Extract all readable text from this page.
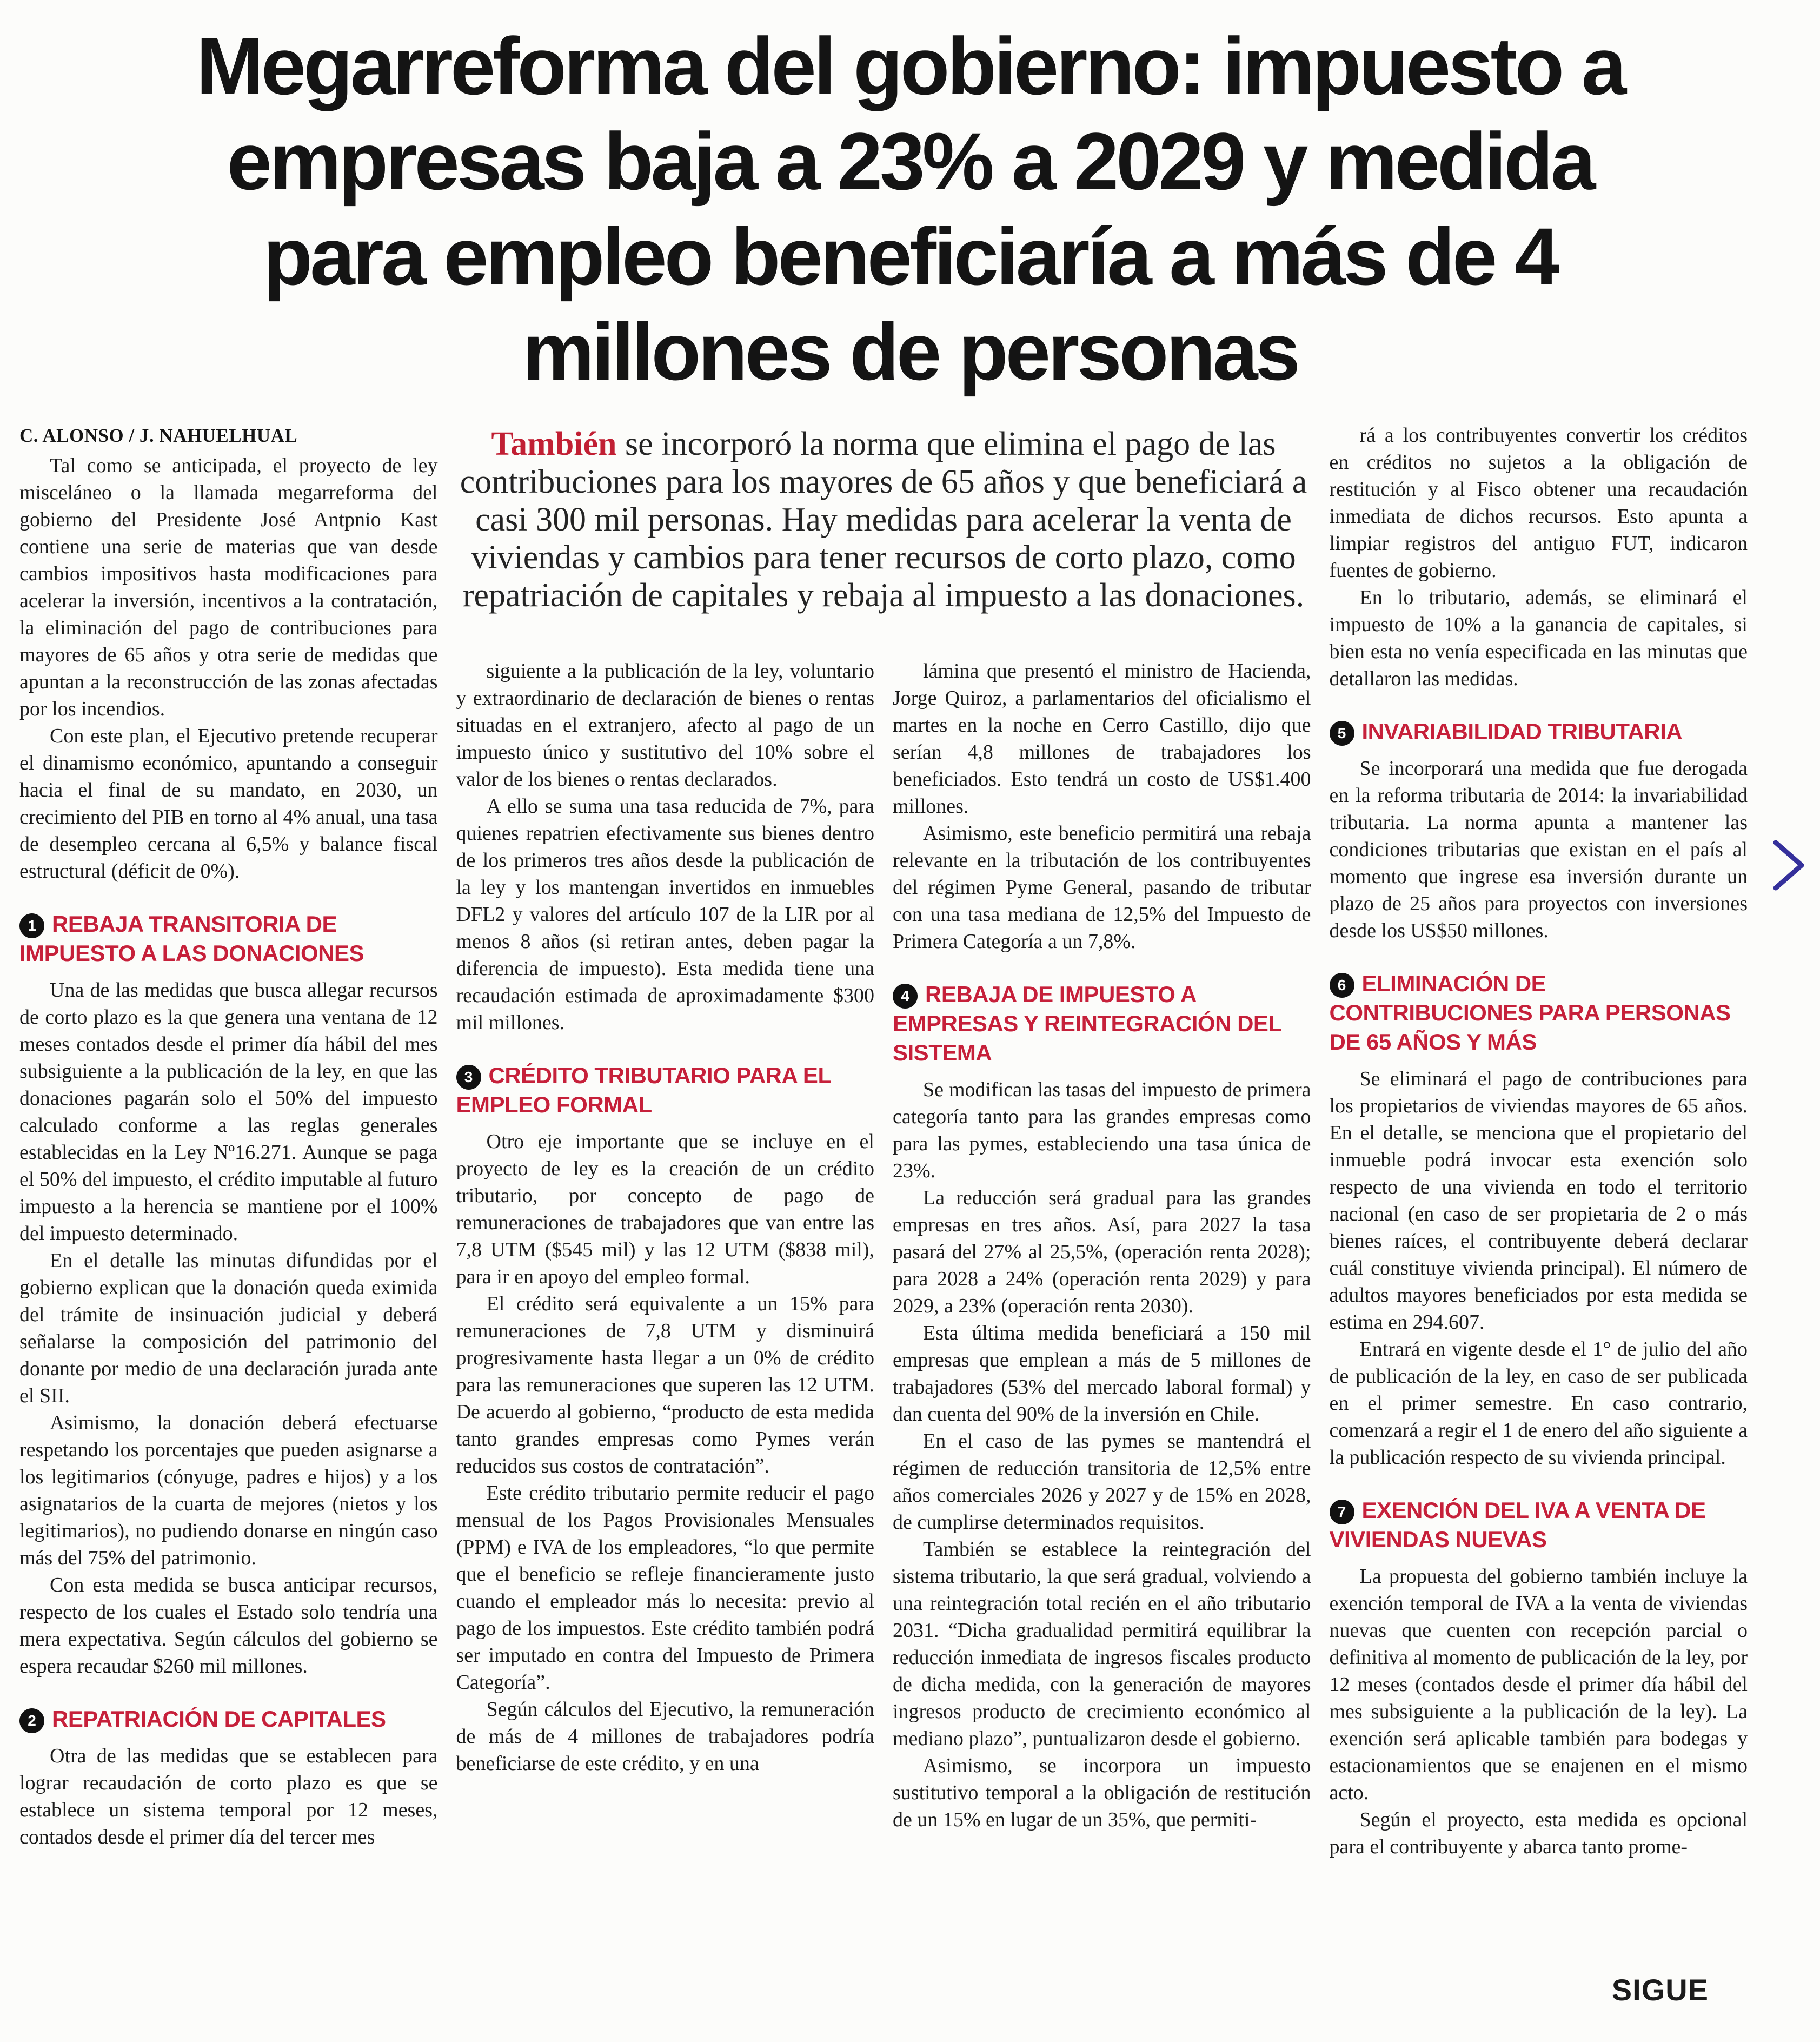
Megarreforma del gobierno: impuesto a
empresas baja a 23% a 2029 y medida
para empleo beneficiaría a más de 4
millones de personas
C. ALONSO / J. NAHUELHUAL

Tal como se anticipada, el proyecto de ley misceláneo o la llamada megarreforma del gobierno del Presidente José Antpnio Kast contiene una serie de materias que van desde cambios impositivos hasta modificaciones para acelerar la inversión, incentivos a la contratación, la eliminación del pago de contribuciones para mayores de 65 años y otra serie de medidas que apuntan a la reconstrucción de las zonas afectadas por los incendios.

Con este plan, el Ejecutivo pretende recuperar el dinamismo económico, apuntando a conseguir hacia el final de su mandato, en 2030, un crecimiento del PIB en torno al 4% anual, una tasa de desempleo cercana al 6,5% y balance fiscal estructural (déficit de 0%).

1 REBAJA TRANSITORIA DE IMPUESTO A LAS DONACIONES

Una de las medidas que busca allegar recursos de corto plazo es la que genera una ventana de 12 meses contados desde el primer día hábil del mes subsiguiente a la publicación de la ley, en que las donaciones pagarán solo el 50% del impuesto calculado conforme a las reglas generales establecidas en la Ley Nº16.271. Aunque se paga el 50% del impuesto, el crédito imputable al futuro impuesto a la herencia se mantiene por el 100% del impuesto determinado.

En el detalle las minutas difundidas por el gobierno explican que la donación queda eximida del trámite de insinuación judicial y deberá señalarse la composición del patrimonio del donante por medio de una declaración jurada ante el SII.

Asimismo, la donación deberá efectuarse respetando los porcentajes que pueden asignarse a los legitimarios (cónyuge, padres e hijos) y a los asignatarios de la cuarta de mejores (nietos y los legitimarios), no pudiendo donarse en ningún caso más del 75% del patrimonio.

Con esta medida se busca anticipar recursos, respecto de los cuales el Estado solo tendría una mera expectativa. Según cálculos del gobierno se espera recaudar $260 mil millones.

2 REPATRIACIÓN DE CAPITALES

Otra de las medidas que se establecen para lograr recaudación de corto plazo es que se establece un sistema temporal por 12 meses, contados desde el primer día del tercer mes

También se incorporó la norma que elimina el pago de las contribuciones para los mayores de 65 años y que beneficiará a casi 300 mil personas. Hay medidas para acelerar la venta de viviendas y cambios para tener recursos de corto plazo, como repatriación de capitales y rebaja al impuesto a las donaciones.

siguiente a la publicación de la ley, voluntario y extraordinario de declaración de bienes o rentas situadas en el extranjero, afecto al pago de un impuesto único y sustitutivo del 10% sobre el valor de los bienes o rentas declarados.

A ello se suma una tasa reducida de 7%, para quienes repatrien efectivamente sus bienes dentro de los primeros tres años desde la publicación de la ley y los mantengan invertidos en inmuebles DFL2 y valores del artículo 107 de la LIR por al menos 8 años (si retiran antes, deben pagar la diferencia de impuesto). Esta medida tiene una recaudación estimada de aproximadamente $300 mil millones.

3 CRÉDITO TRIBUTARIO PARA EL EMPLEO FORMAL

Otro eje importante que se incluye en el proyecto de ley es la creación de un crédito tributario, por concepto de pago de remuneraciones de trabajadores que van entre las 7,8 UTM ($545 mil) y las 12 UTM ($838 mil), para ir en apoyo del empleo formal.

El crédito será equivalente a un 15% para remuneraciones de 7,8 UTM y disminuirá progresivamente hasta llegar a un 0% de crédito para las remuneraciones que superen las 12 UTM. De acuerdo al gobierno, “producto de esta medida tanto grandes empresas como Pymes verán reducidos sus costos de contratación”.

Este crédito tributario permite reducir el pago mensual de los Pagos Provisionales Mensuales (PPM) e IVA de los empleadores, “lo que permite que el beneficio se refleje financieramente justo cuando el empleador más lo necesita: previo al pago de los impuestos. Este crédito también podrá ser imputado en contra del Impuesto de Primera Categoría”.

Según cálculos del Ejecutivo, la remuneración de más de 4 millones de trabajadores podría beneficiarse de este crédito, y en una

lámina que presentó el ministro de Hacienda, Jorge Quiroz, a parlamentarios del oficialismo el martes en la noche en Cerro Castillo, dijo que serían 4,8 millones de trabajadores los beneficiados. Esto tendrá un costo de US$1.400 millones.

Asimismo, este beneficio permitirá una rebaja relevante en la tributación de los contribuyentes del régimen Pyme General, pasando de tributar con una tasa mediana de 12,5% del Impuesto de Primera Categoría a un 7,8%.

4 REBAJA DE IMPUESTO A EMPRESAS Y REINTEGRACIÓN DEL SISTEMA

Se modifican las tasas del impuesto de primera categoría tanto para las grandes empresas como para las pymes, estableciendo una tasa única de 23%.

La reducción será gradual para las grandes empresas en tres años. Así, para 2027 la tasa pasará del 27% al 25,5%, (operación renta 2028); para 2028 a 24% (operación renta 2029) y para 2029, a 23% (operación renta 2030).

Esta última medida beneficiará a 150 mil empresas que emplean a más de 5 millones de trabajadores (53% del mercado laboral formal) y dan cuenta del 90% de la inversión en Chile.

En el caso de las pymes se mantendrá el régimen de reducción transitoria de 12,5% entre años comerciales 2026 y 2027 y de 15% en 2028, de cumplirse determinados requisitos.

También se establece la reintegración del sistema tributario, la que será gradual, volviendo a una reintegración total recién en el año tributario 2031. “Dicha gradualidad permitirá equilibrar la reducción inmediata de ingresos fiscales producto de dicha medida, con la generación de mayores ingresos producto de crecimiento económico al mediano plazo”, puntualizaron desde el gobierno.

Asimismo, se incorpora un impuesto sustitutivo temporal a la obligación de restitución de un 15% en lugar de un 35%, que permiti-

rá a los contribuyentes convertir los créditos en créditos no sujetos a la obligación de restitución y al Fisco obtener una recaudación inmediata de dichos recursos. Esto apunta a limpiar registros del antiguo FUT, indicaron fuentes de gobierno.

En lo tributario, además, se eliminará el impuesto de 10% a la ganancia de capitales, si bien esta no venía especificada en las minutas que detallaron las medidas.

5 INVARIABILIDAD TRIBUTARIA

Se incorporará una medida que fue derogada en la reforma tributaria de 2014: la invariabilidad tributaria. La norma apunta a mantener las condiciones tributarias que existan en el país al momento que ingrese esa inversión durante un plazo de 25 años para proyectos con inversiones desde los US$50 millones.

6 ELIMINACIÓN DE CONTRIBUCIONES PARA PERSONAS DE 65 AÑOS Y MÁS

Se eliminará el pago de contribuciones para los propietarios de viviendas mayores de 65 años. En el detalle, se menciona que el propietario del inmueble podrá invocar esta exención solo respecto de una vivienda en todo el territorio nacional (en caso de ser propietaria de 2 o más bienes raíces, el contribuyente deberá declarar cuál constituye vivienda principal). El número de adultos mayores beneficiados por esta medida se estima en 294.607.

Entrará en vigente desde el 1° de julio del año de publicación de la ley, en caso de ser publicada en el primer semestre. En caso contrario, comenzará a regir el 1 de enero del año siguiente a la publicación respecto de su vivienda principal.

7 EXENCIÓN DEL IVA A VENTA DE VIVIENDAS NUEVAS

La propuesta del gobierno también incluye la exención temporal de IVA a la venta de viviendas nuevas que cuenten con recepción parcial o definitiva al momento de publicación de la ley, por 12 meses (contados desde el primer día hábil del mes subsiguiente a la publicación de la ley). La exención será aplicable también para bodegas y estacionamientos que se enajenen en el mismo acto.

Según el proyecto, esta medida es opcional para el contribuyente y abarca tanto prome-

SIGUE
